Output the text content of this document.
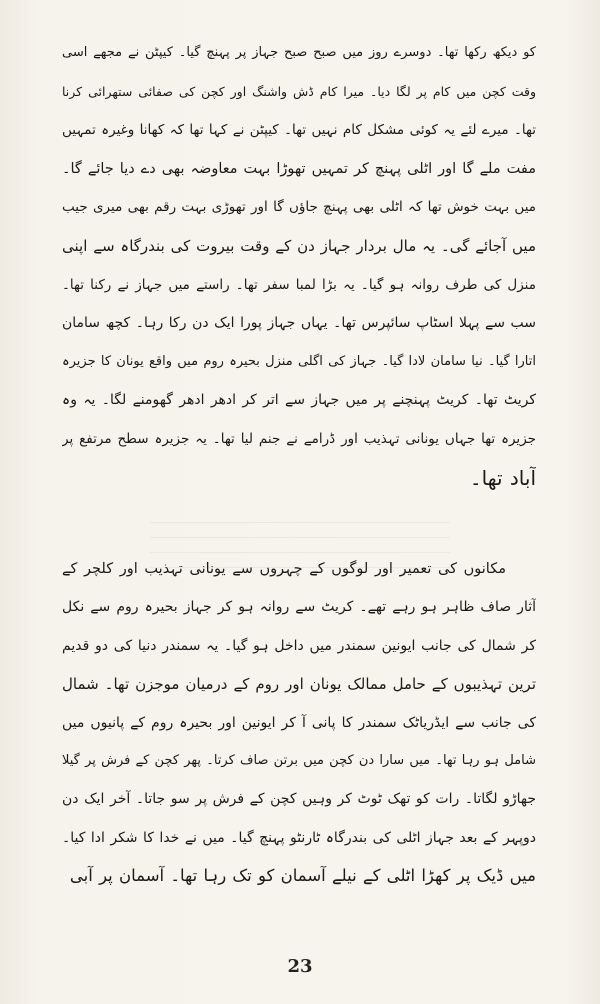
کو دیکھ رکھا تھا۔ دوسرے روز میں صبح صبح جہاز پر پہنچ گیا۔ کیپٹن نے مجھے اسی
وقت کچن میں کام پر لگا دیا۔ میرا کام ڈش واشنگ اور کچن کی صفائی ستھرائی کرنا
تھا۔ میرے لئے یہ کوئی مشکل کام نہیں تھا۔ کیپٹن نے کہا تھا کہ کھانا وغیرہ تمہیں
مفت ملے گا اور اٹلی پہنچ کر تمہیں تھوڑا بہت معاوضہ بھی دے دیا جائے گا۔
میں بہت خوش تھا کہ اٹلی بھی پہنچ جاؤں گا اور تھوڑی بہت رقم بھی میری جیب
میں آجائے گی۔ یہ مال بردار جہاز دن کے وقت بیروت کی بندرگاہ سے اپنی
منزل کی طرف روانہ ہو گیا۔ یہ بڑا لمبا سفر تھا۔ راستے میں جہاز نے رکنا تھا۔
سب سے پہلا اسٹاپ سائپرس تھا۔ یہاں جہاز پورا ایک دن رکا رہا۔ کچھ سامان
اتارا گیا۔ نیا سامان لادا گیا۔ جہاز کی اگلی منزل بحیرہ روم میں واقع یونان کا جزیرہ
کریٹ تھا۔ کریٹ پہنچنے پر میں جہاز سے اتر کر ادھر ادھر گھومنے لگا۔ یہ وہ
جزیرہ تھا جہاں یونانی تہذیب اور ڈرامے نے جنم لیا تھا۔ یہ جزیرہ سطح مرتفع پر
آباد تھا۔
مکانوں کی تعمیر اور لوگوں کے چہروں سے یونانی تہذیب اور کلچر کے
آثار صاف ظاہر ہو رہے تھے۔ کریٹ سے روانہ ہو کر جہاز بحیرہ روم سے نکل
کر شمال کی جانب ایونین سمندر میں داخل ہو گیا۔ یہ سمندر دنیا کی دو قدیم
ترین تہذیبوں کے حامل ممالک یونان اور روم کے درمیان موجزن تھا۔ شمال
کی جانب سے ایڈریاٹک سمندر کا پانی آ کر ایونین اور بحیرہ روم کے پانیوں میں
شامل ہو رہا تھا۔ میں سارا دن کچن میں برتن صاف کرتا۔ پھر کچن کے فرش پر گیلا
جھاڑو لگاتا۔ رات کو تھک ٹوٹ کر وہیں کچن کے فرش پر سو جاتا۔ آخر ایک دن
دوپہر کے بعد جہاز اٹلی کی بندرگاہ ٹارنٹو پہنچ گیا۔ میں نے خدا کا شکر ادا کیا۔
میں ڈیک پر کھڑا اٹلی کے نیلے آسمان کو تک رہا تھا۔ آسمان پر آبی
23
